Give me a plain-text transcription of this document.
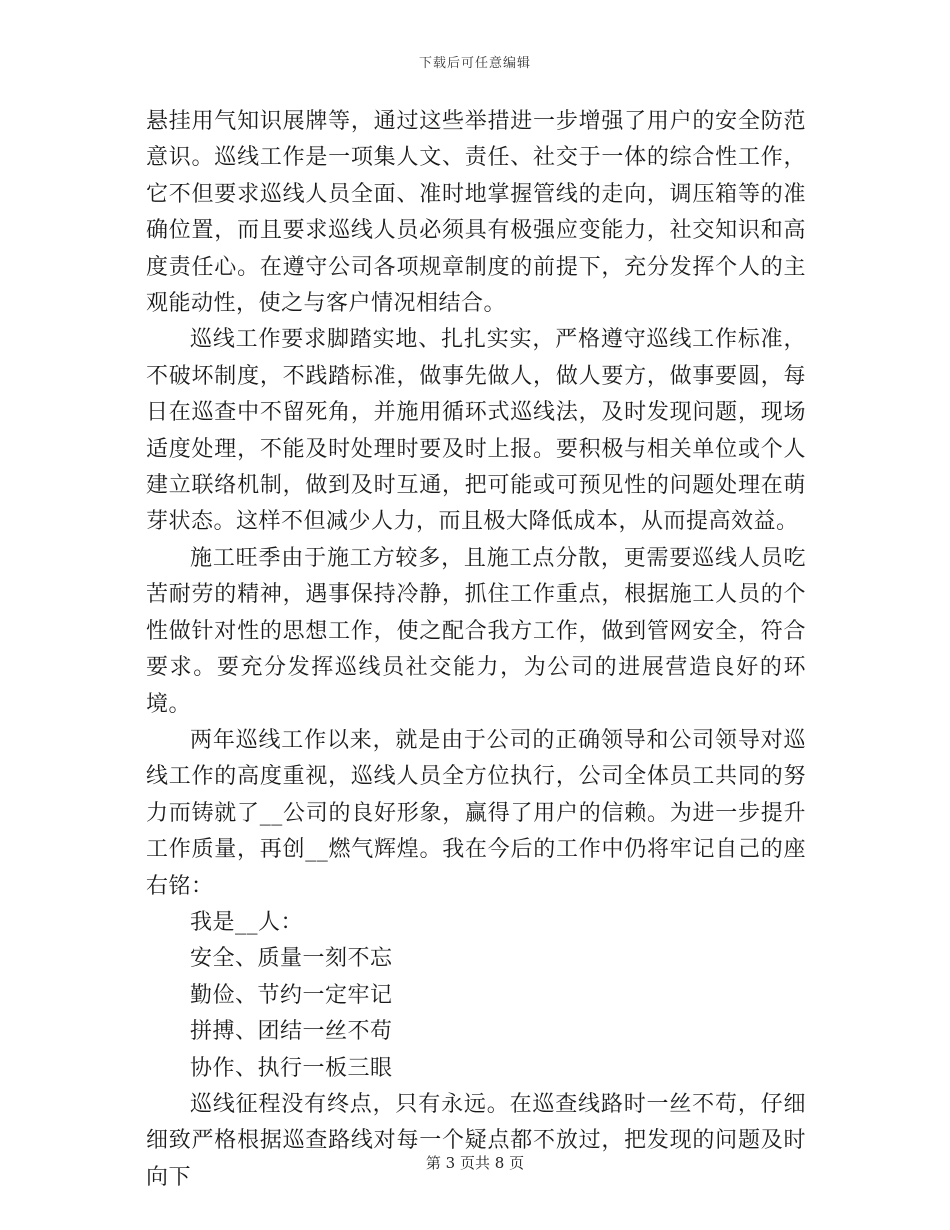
下载后可任意编辑

悬挂用气知识展牌等，通过这些举措进一步增强了用户的安全防范意识。巡线工作是一项集人文、责任、社交于一体的综合性工作，它不但要求巡线人员全面、准时地掌握管线的走向，调压箱等的准确位置，而且要求巡线人员必须具有极强应变能力，社交知识和高度责任心。在遵守公司各项规章制度的前提下，充分发挥个人的主观能动性，使之与客户情况相结合。

巡线工作要求脚踏实地、扎扎实实，严格遵守巡线工作标准，不破坏制度，不践踏标准，做事先做人，做人要方，做事要圆，每日在巡查中不留死角，并施用循环式巡线法，及时发现问题，现场适度处理，不能及时处理时要及时上报。要积极与相关单位或个人建立联络机制，做到及时互通，把可能或可预见性的问题处理在萌芽状态。这样不但减少人力，而且极大降低成本，从而提高效益。

施工旺季由于施工方较多，且施工点分散，更需要巡线人员吃苦耐劳的精神，遇事保持冷静，抓住工作重点，根据施工人员的个性做针对性的思想工作，使之配合我方工作，做到管网安全，符合要求。要充分发挥巡线员社交能力，为公司的进展营造良好的环境。

两年巡线工作以来，就是由于公司的正确领导和公司领导对巡线工作的高度重视，巡线人员全方位执行，公司全体员工共同的努力而铸就了__公司的良好形象，赢得了用户的信赖。为进一步提升工作质量，再创__燃气辉煌。我在今后的工作中仍将牢记自己的座右铭：

我是__人：

安全、质量一刻不忘

勤俭、节约一定牢记

拼搏、团结一丝不苟

协作、执行一板三眼

巡线征程没有终点，只有永远。在巡查线路时一丝不苟，仔细细致严格根据巡查路线对每一个疑点都不放过，把发现的问题及时向下

第 3 页共 8 页
